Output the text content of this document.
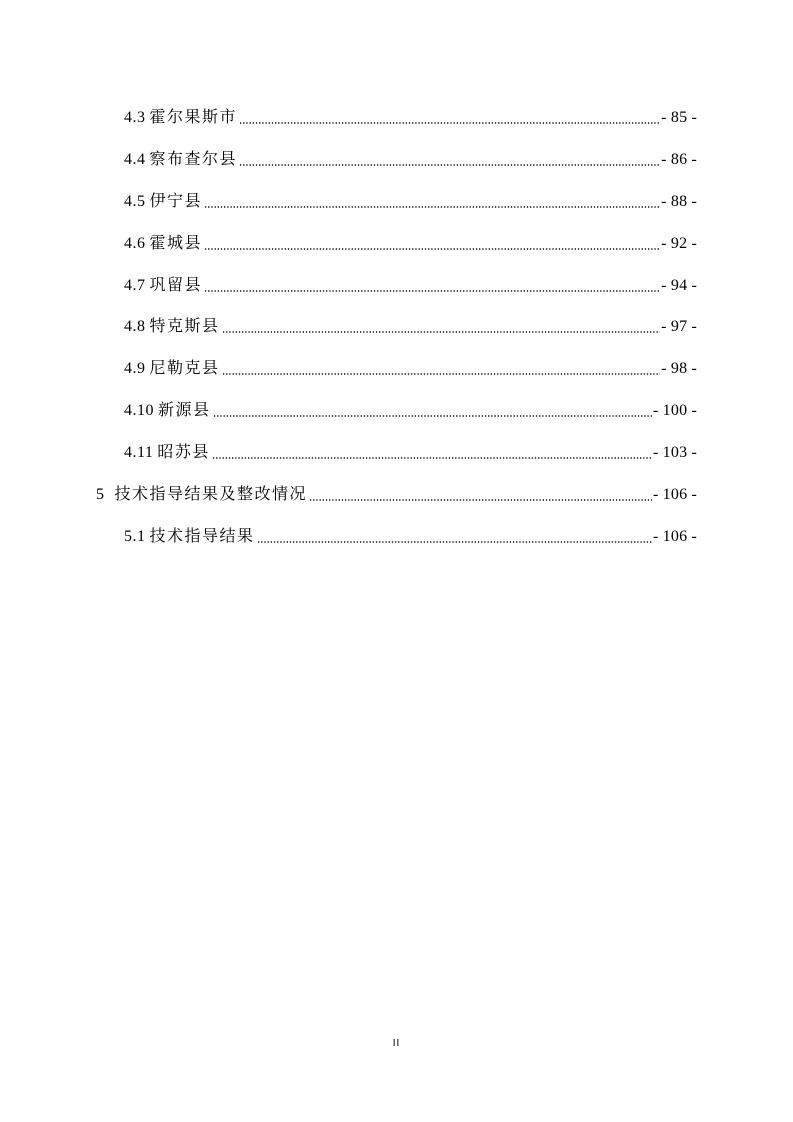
4.3 霍尔果斯市	- 85 -
4.4 察布查尔县	- 86 -
4.5 伊宁县	- 88 -
4.6 霍城县	- 92 -
4.7 巩留县	- 94 -
4.8 特克斯县	- 97 -
4.9 尼勒克县	- 98 -
4.10 新源县	- 100 -
4.11 昭苏县	- 103 -
5 技术指导结果及整改情况	- 106 -
5.1 技术指导结果	- 106 -
II
